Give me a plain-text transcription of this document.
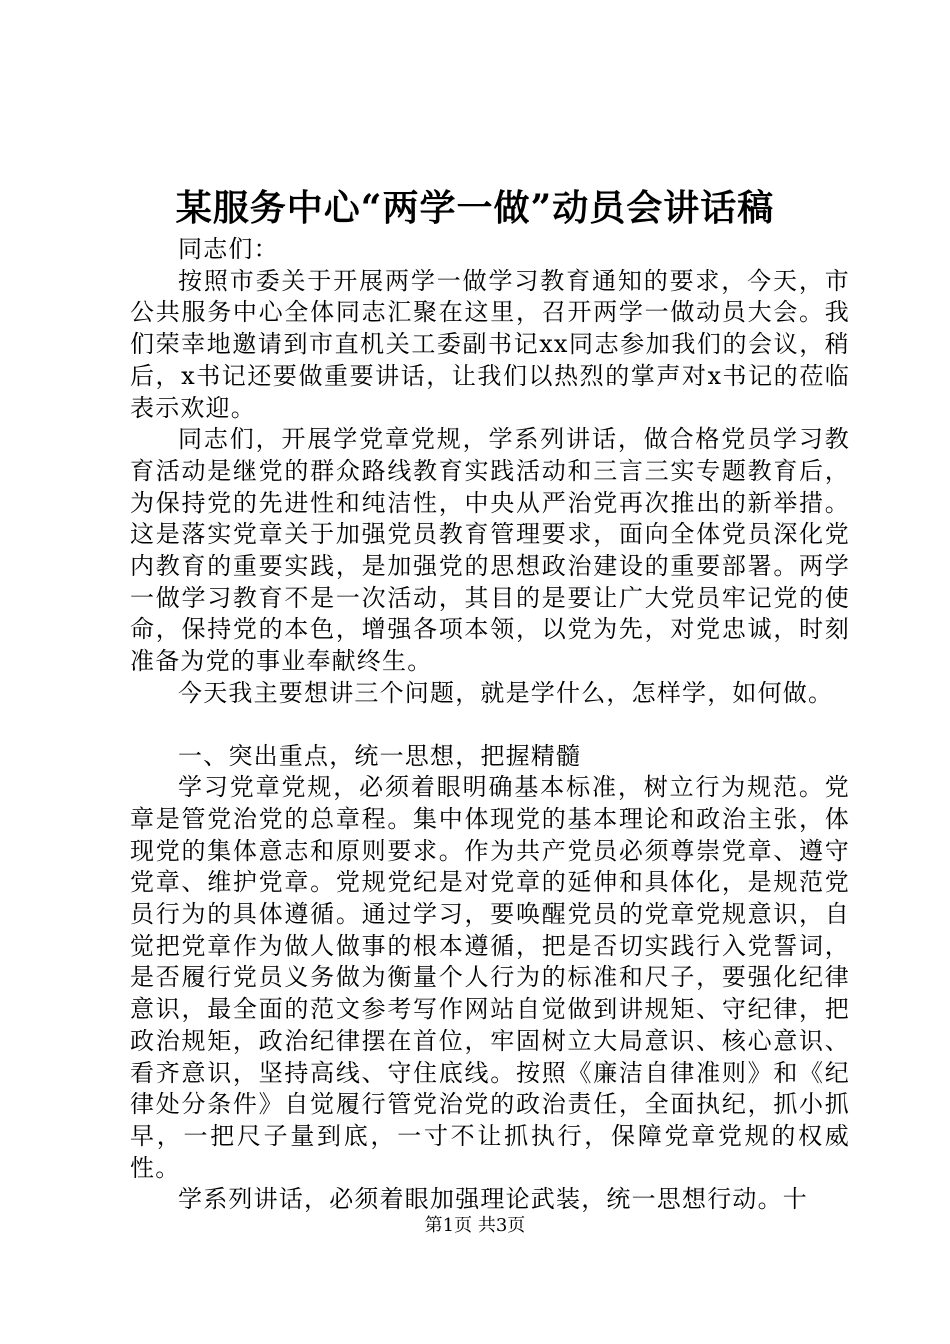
某服务中心“两学一做”动员会讲话稿

同志们：

按照市委关于开展两学一做学习教育通知的要求，今天，市公共服务中心全体同志汇聚在这里，召开两学一做动员大会。我们荣幸地邀请到市直机关工委副书记xx同志参加我们的会议，稍后，x书记还要做重要讲话，让我们以热烈的掌声对x书记的莅临表示欢迎。

同志们，开展学党章党规，学系列讲话，做合格党员学习教育活动是继党的群众路线教育实践活动和三言三实专题教育后，为保持党的先进性和纯洁性，中央从严治党再次推出的新举措。这是落实党章关于加强党员教育管理要求，面向全体党员深化党内教育的重要实践，是加强党的思想政治建设的重要部署。两学一做学习教育不是一次活动，其目的是要让广大党员牢记党的使命，保持党的本色，增强各项本领，以党为先，对党忠诚，时刻准备为党的事业奉献终生。

今天我主要想讲三个问题，就是学什么，怎样学，如何做。

一、突出重点，统一思想，把握精髓

学习党章党规，必须着眼明确基本标准，树立行为规范。党章是管党治党的总章程。集中体现党的基本理论和政治主张，体现党的集体意志和原则要求。作为共产党员必须尊崇党章、遵守党章、维护党章。党规党纪是对党章的延伸和具体化，是规范党员行为的具体遵循。通过学习，要唤醒党员的党章党规意识，自觉把党章作为做人做事的根本遵循，把是否切实践行入党誓词，是否履行党员义务做为衡量个人行为的标准和尺子，要强化纪律意识，最全面的范文参考写作网站自觉做到讲规矩、守纪律，把政治规矩，政治纪律摆在首位，牢固树立大局意识、核心意识、看齐意识，坚持高线、守住底线。按照《廉洁自律准则》和《纪律处分条件》自觉履行管党治党的政治责任，全面执纪，抓小抓早，一把尺子量到底，一寸不让抓执行，保障党章党规的权威性。

学系列讲话，必须着眼加强理论武装，统一思想行动。十

第1页 共3页
